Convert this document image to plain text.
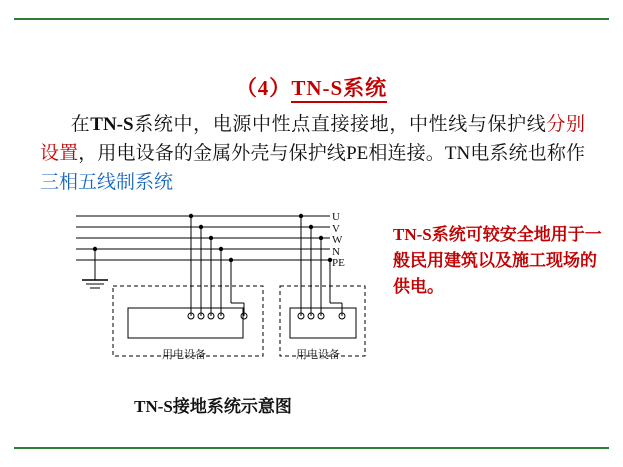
（4）TN-S系统
在TN-S系统中，电源中性点直接接地，中性线与保护线分别设置，用电设备的金属外壳与保护线PE相连接。TN电系统也称作三相五线制系统
TN-S系统可较安全地用于一般民用建筑以及施工现场的供电。
用电设备	用电设备
U
V
W
N
PE
TN-S接地系统示意图
